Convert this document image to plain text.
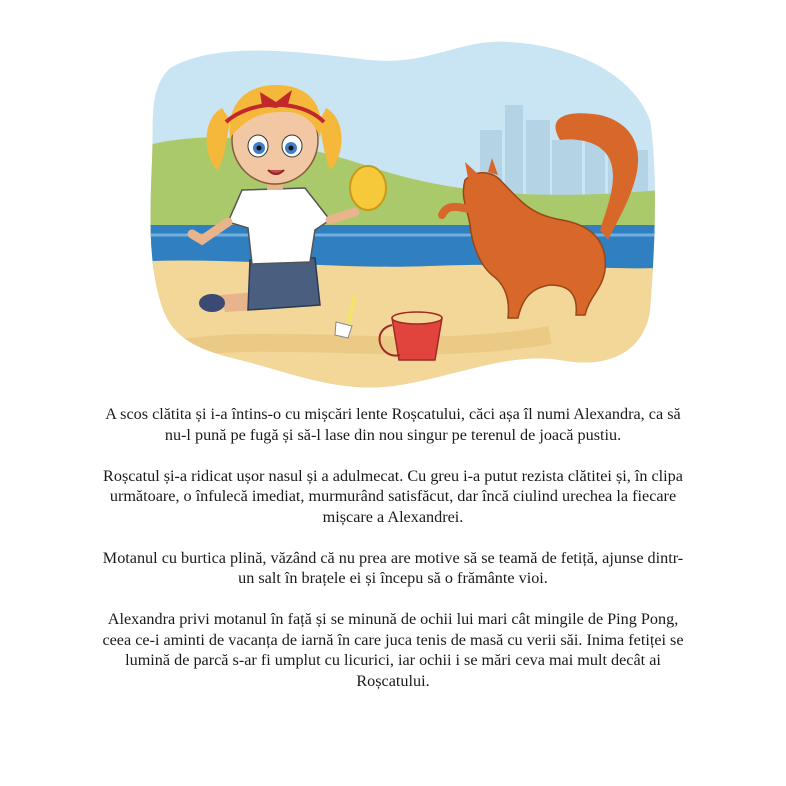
A scos clătita și i-a întins-o cu mișcări lente Roșcatului, căci așa îl numi Alexandra, ca să nu-l pună pe fugă și să-l lase din nou singur pe terenul de joacă pustiu.

Roșcatul și-a ridicat ușor nasul și a adulmecat. Cu greu i-a putut rezista clătitei și, în clipa următoare, o înfulecă imediat, murmurând satisfăcut, dar încă ciulind urechea la fiecare mișcare a Alexandrei.

Motanul cu burtica plină, văzând că nu prea are motive să se teamă de fetiță, ajunse dintr-un salt în brațele ei și începu să o frământe vioi.

Alexandra privi motanul în față și se minună de ochii lui mari cât mingile de Ping Pong, ceea ce-i aminti de vacanța de iarnă în care juca tenis de masă cu verii săi. Inima fetiței se lumină de parcă s-ar fi umplut cu licurici, iar ochii i se mări ceva mai mult decât ai Roșcatului.
